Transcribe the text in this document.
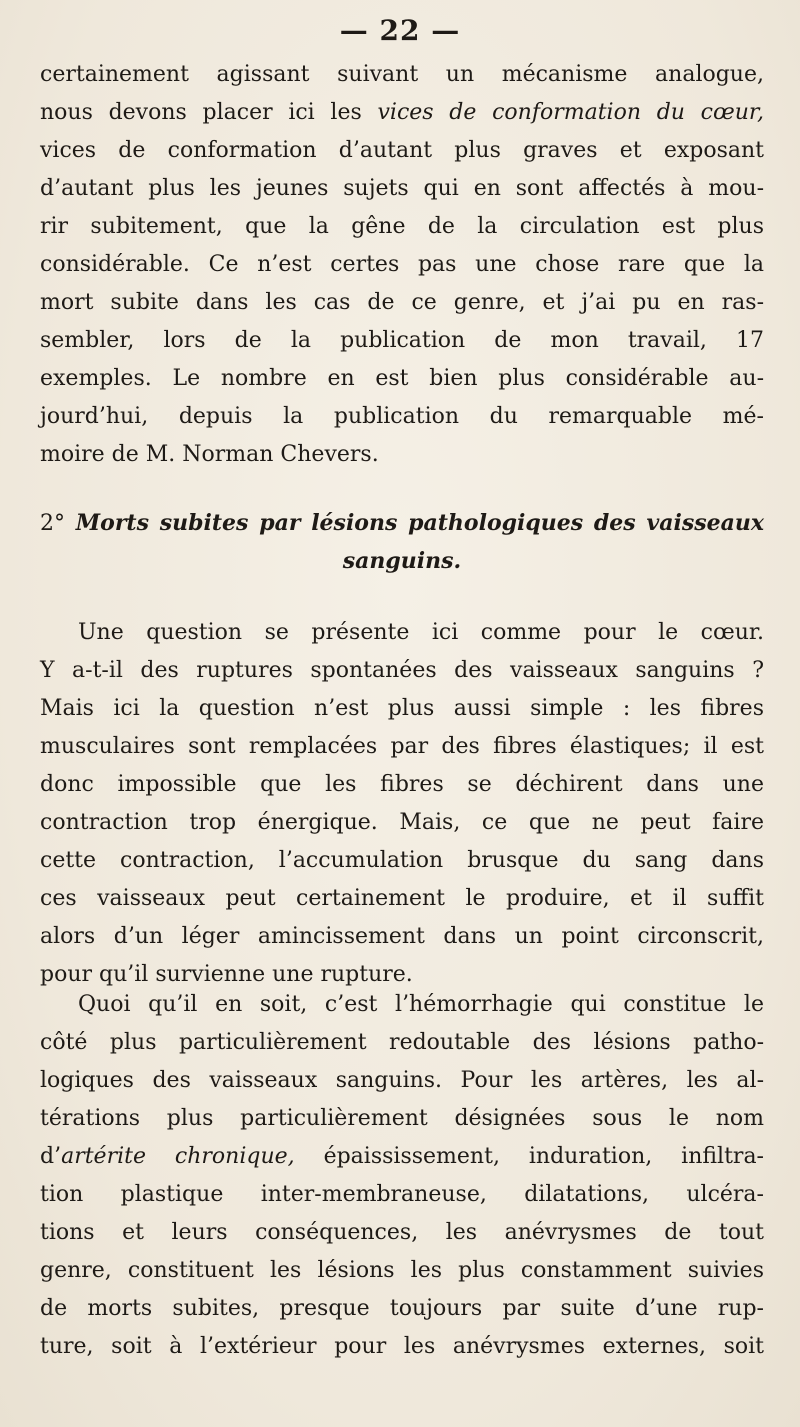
— 22 —
certainement agissant suivant un mécanisme analogue,
nous devons placer ici les vices de conformation du cœur,
vices de conformation d’autant plus graves et exposant
d’autant plus les jeunes sujets qui en sont affectés à mou-
rir subitement, que la gêne de la circulation est plus
considérable. Ce n’est certes pas une chose rare que la
mort subite dans les cas de ce genre, et j’ai pu en ras-
sembler, lors de la publication de mon travail, 17
exemples. Le nombre en est bien plus considérable au-
jourd’hui, depuis la publication du remarquable mé-
moire de M. Norman Chevers.
2° Morts subites par lésions pathologiques des vaisseaux
sanguins.
Une question se présente ici comme pour le cœur.
Y a-t-il des ruptures spontanées des vaisseaux sanguins ?
Mais ici la question n’est plus aussi simple : les fibres
musculaires sont remplacées par des fibres élastiques; il est
donc impossible que les fibres se déchirent dans une
contraction trop énergique. Mais, ce que ne peut faire
cette contraction, l’accumulation brusque du sang dans
ces vaisseaux peut certainement le produire, et il suffit
alors d’un léger amincissement dans un point circonscrit,
pour qu’il survienne une rupture.
Quoi qu’il en soit, c’est l’hémorrhagie qui constitue le
côté plus particulièrement redoutable des lésions patho-
logiques des vaisseaux sanguins. Pour les artères, les al-
térations plus particulièrement désignées sous le nom
d’artérite chronique, épaississement, induration, infiltra-
tion plastique inter-membraneuse, dilatations, ulcéra-
tions et leurs conséquences, les anévrysmes de tout
genre, constituent les lésions les plus constamment suivies
de morts subites, presque toujours par suite d’une rup-
ture, soit à l’extérieur pour les anévrysmes externes, soit
